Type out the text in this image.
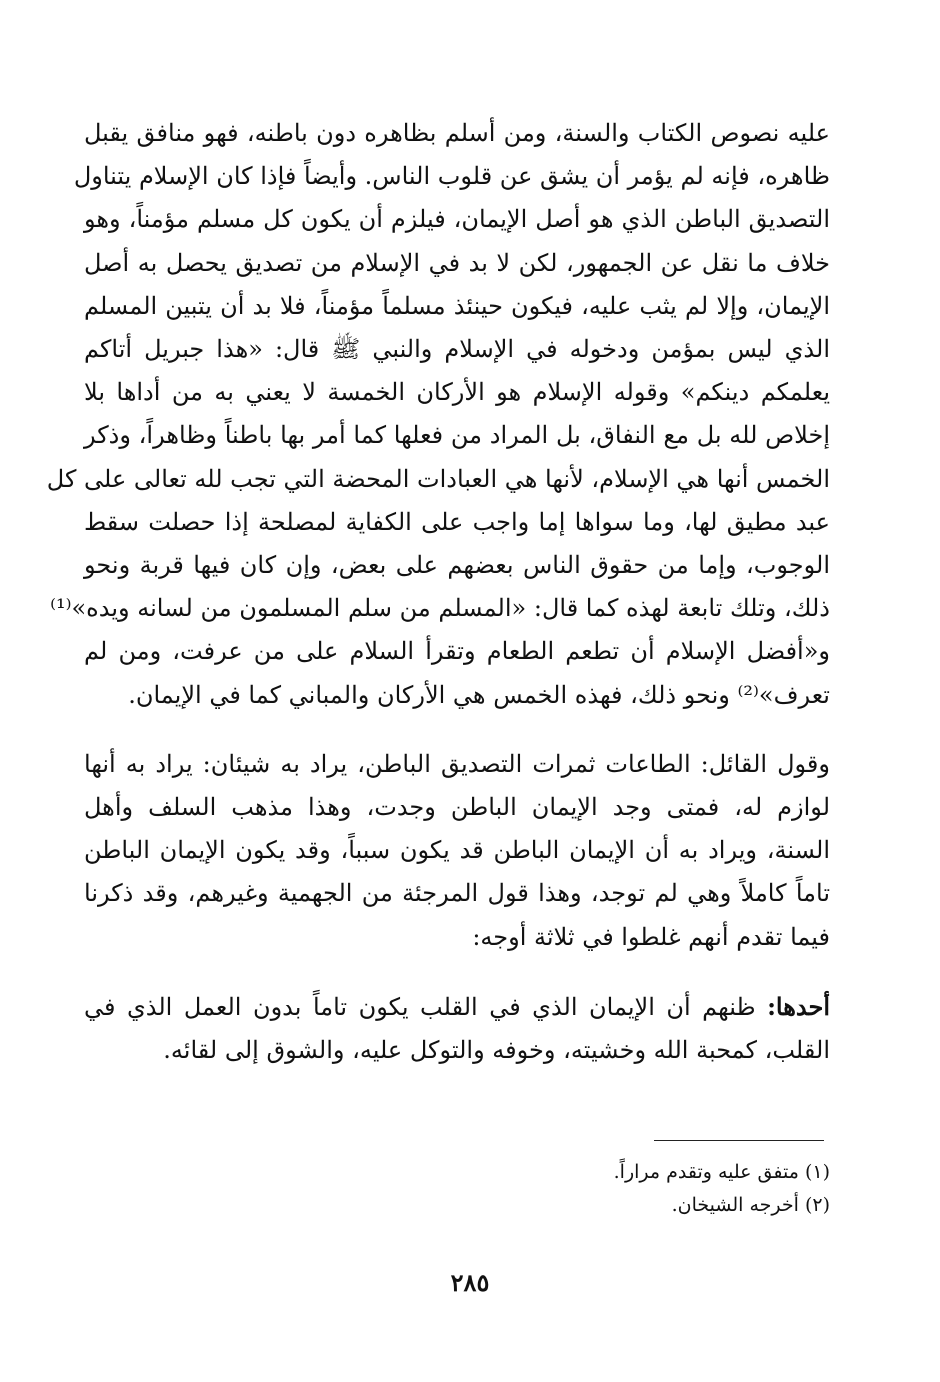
عليه نصوص الكتاب والسنة، ومن أسلم بظاهره دون باطنه، فهو منافق يقبل
ظاهره، فإنه لم يؤمر أن يشق عن قلوب الناس. وأيضاً فإذا كان الإسلام يتناول
التصديق الباطن الذي هو أصل الإيمان، فيلزم أن يكون كل مسلم مؤمناً، وهو
خلاف ما نقل عن الجمهور، لكن لا بد في الإسلام من تصديق يحصل به أصل
الإيمان، وإلا لم يثب عليه، فيكون حينئذ مسلماً مؤمناً، فلا بد أن يتبين المسلم
الذي ليس بمؤمن ودخوله في الإسلام والنبي ﷺ قال: «هذا جبريل أتاكم
يعلمكم دينكم» وقوله الإسلام هو الأركان الخمسة لا يعني به من أداها بلا
إخلاص لله بل مع النفاق، بل المراد من فعلها كما أمر بها باطناً وظاهراً، وذكر
الخمس أنها هي الإسلام، لأنها هي العبادات المحضة التي تجب لله تعالى على كل
عبد مطيق لها، وما سواها إما واجب على الكفاية لمصلحة إذا حصلت سقط
الوجوب، وإما من حقوق الناس بعضهم على بعض، وإن كان فيها قربة ونحو
ذلك، وتلك تابعة لهذه كما قال: «المسلم من سلم المسلمون من لسانه ويده»⁽¹⁾
و«أفضل الإسلام أن تطعم الطعام وتقرأ السلام على من عرفت، ومن لم
تعرف»⁽²⁾ ونحو ذلك، فهذه الخمس هي الأركان والمباني كما في الإيمان.

وقول القائل: الطاعات ثمرات التصديق الباطن، يراد به شيئان: يراد به أنها
لوازم له، فمتى وجد الإيمان الباطن وجدت، وهذا مذهب السلف وأهل
السنة، ويراد به أن الإيمان الباطن قد يكون سبباً، وقد يكون الإيمان الباطن
تاماً كاملاً وهي لم توجد، وهذا قول المرجئة من الجهمية وغيرهم، وقد ذكرنا
فيما تقدم أنهم غلطوا في ثلاثة أوجه:

أحدها: ظنهم أن الإيمان الذي في القلب يكون تاماً بدون العمل الذي في
القلب، كمحبة الله وخشيته، وخوفه والتوكل عليه، والشوق إلى لقائه.

(١) متفق عليه وتقدم مراراً.
(٢) أخرجه الشيخان.
٢٨٥
